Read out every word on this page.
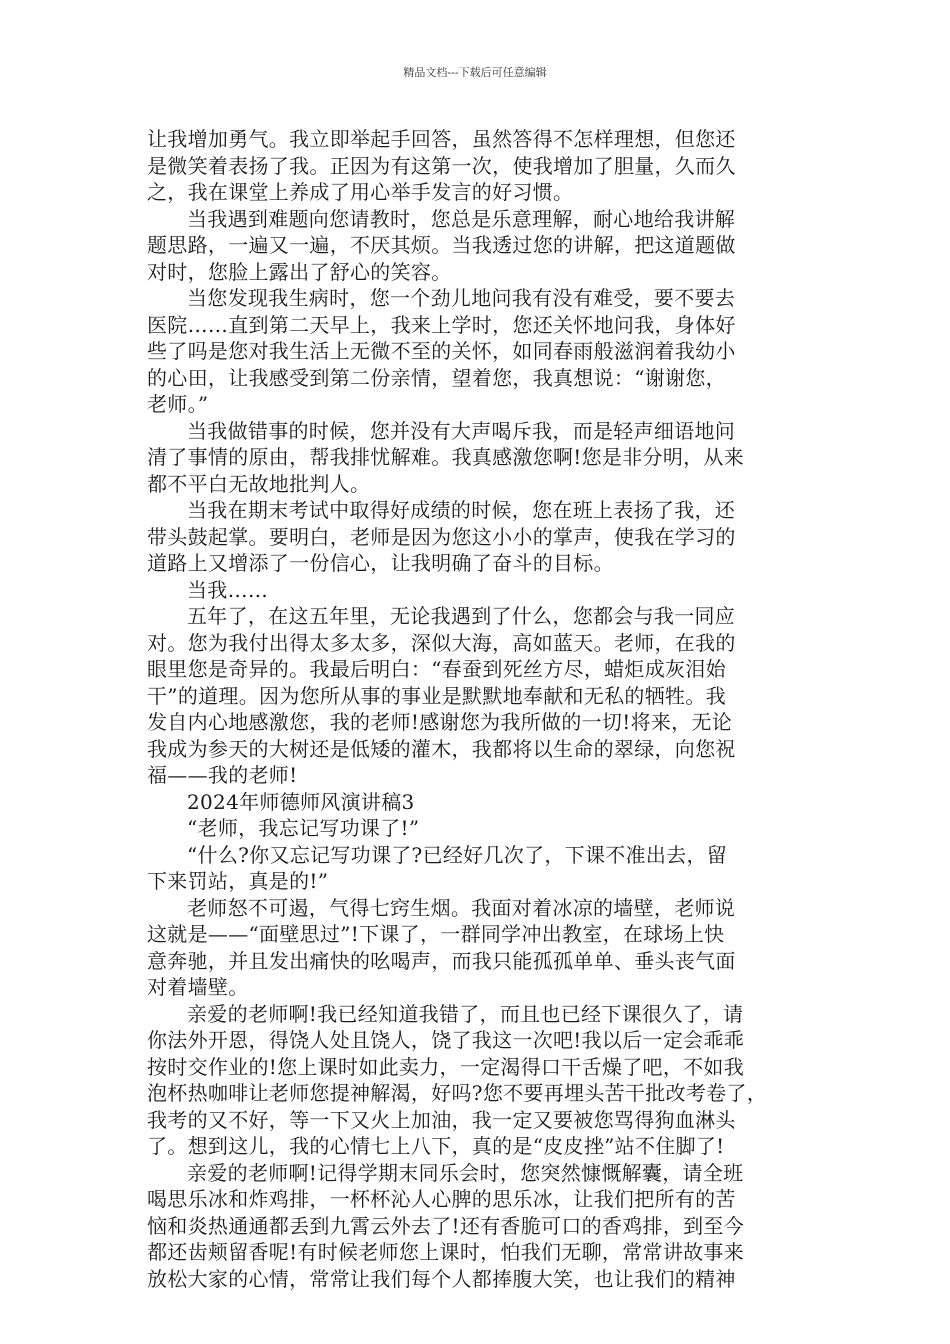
精品文档---下载后可任意编辑
让我增加勇气。我立即举起手回答，虽然答得不怎样理想，但您还
是微笑着表扬了我。正因为有这第一次，使我增加了胆量，久而久
之，我在课堂上养成了用心举手发言的好习惯。
当我遇到难题向您请教时，您总是乐意理解，耐心地给我讲解
题思路，一遍又一遍，不厌其烦。当我透过您的讲解，把这道题做
对时，您脸上露出了舒心的笑容。
当您发现我生病时，您一个劲儿地问我有没有难受，要不要去
医院……直到第二天早上，我来上学时，您还关怀地问我，身体好
些了吗是您对我生活上无微不至的关怀，如同春雨般滋润着我幼小
的心田，让我感受到第二份亲情，望着您，我真想说：“谢谢您，
老师。”
当我做错事的时候，您并没有大声喝斥我，而是轻声细语地问
清了事情的原由，帮我排忧解难。我真感激您啊!您是非分明，从来
都不平白无故地批判人。
当我在期末考试中取得好成绩的时候，您在班上表扬了我，还
带头鼓起掌。要明白，老师是因为您这小小的掌声，使我在学习的
道路上又增添了一份信心，让我明确了奋斗的目标。
当我……
五年了，在这五年里，无论我遇到了什么，您都会与我一同应
对。您为我付出得太多太多，深似大海，高如蓝天。老师，在我的
眼里您是奇异的。我最后明白：“春蚕到死丝方尽，蜡炬成灰泪始
干”的道理。因为您所从事的事业是默默地奉献和无私的牺牲。我
发自内心地感激您，我的老师!感谢您为我所做的一切!将来，无论
我成为参天的大树还是低矮的灌木，我都将以生命的翠绿，向您祝
福——我的老师!
2024年师德师风演讲稿3
“老师，我忘记写功课了!”
“什么?你又忘记写功课了?已经好几次了，下课不准出去，留
下来罚站，真是的!”
老师怒不可遏，气得七窍生烟。我面对着冰凉的墙壁，老师说
这就是——“面壁思过”!下课了，一群同学冲出教室，在球场上快
意奔驰，并且发出痛快的吆喝声，而我只能孤孤单单、垂头丧气面
对着墙壁。
亲爱的老师啊!我已经知道我错了，而且也已经下课很久了，请
你法外开恩，得饶人处且饶人，饶了我这一次吧!我以后一定会乖乖
按时交作业的!您上课时如此卖力，一定渴得口干舌燥了吧，不如我
泡杯热咖啡让老师您提神解渴，好吗?您不要再埋头苦干批改考卷了，
我考的又不好，等一下又火上加油，我一定又要被您骂得狗血淋头
了。想到这儿，我的心情七上八下，真的是“皮皮挫”站不住脚了!
亲爱的老师啊!记得学期末同乐会时，您突然慷慨解囊，请全班
喝思乐冰和炸鸡排，一杯杯沁人心脾的思乐冰，让我们把所有的苦
恼和炎热通通都丢到九霄云外去了!还有香脆可口的香鸡排，到至今
都还齿颊留香呢!有时候老师您上课时，怕我们无聊，常常讲故事来
放松大家的心情，常常让我们每个人都捧腹大笑，也让我们的精神
